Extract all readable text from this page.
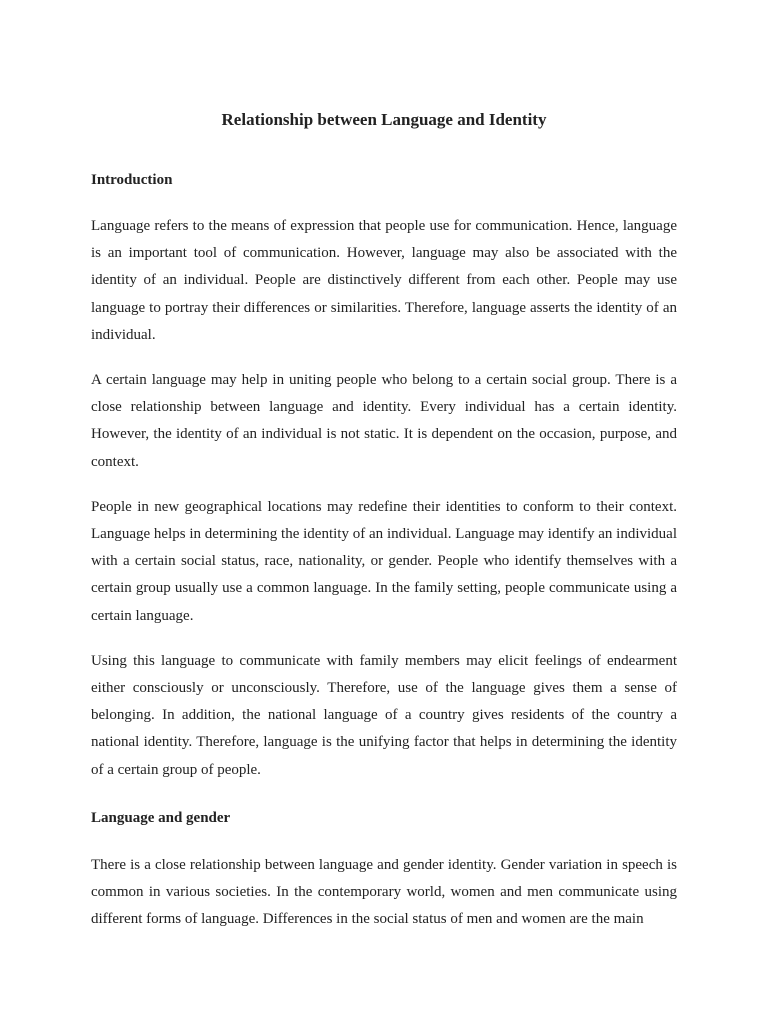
Relationship between Language and Identity
Introduction

Language refers to the means of expression that people use for communication. Hence, language is an important tool of communication. However, language may also be associated with the identity of an individual. People are distinctively different from each other. People may use language to portray their differences or similarities. Therefore, language asserts the identity of an individual.

A certain language may help in uniting people who belong to a certain social group. There is a close relationship between language and identity. Every individual has a certain identity. However, the identity of an individual is not static. It is dependent on the occasion, purpose, and context.

People in new geographical locations may redefine their identities to conform to their context. Language helps in determining the identity of an individual. Language may identify an individual with a certain social status, race, nationality, or gender. People who identify themselves with a certain group usually use a common language. In the family setting, people communicate using a certain language.

Using this language to communicate with family members may elicit feelings of endearment either consciously or unconsciously. Therefore, use of the language gives them a sense of belonging. In addition, the national language of a country gives residents of the country a national identity. Therefore, language is the unifying factor that helps in determining the identity of a certain group of people.

Language and gender

There is a close relationship between language and gender identity. Gender variation in speech is common in various societies. In the contemporary world, women and men communicate using different forms of language. Differences in the social status of men and women are the main
